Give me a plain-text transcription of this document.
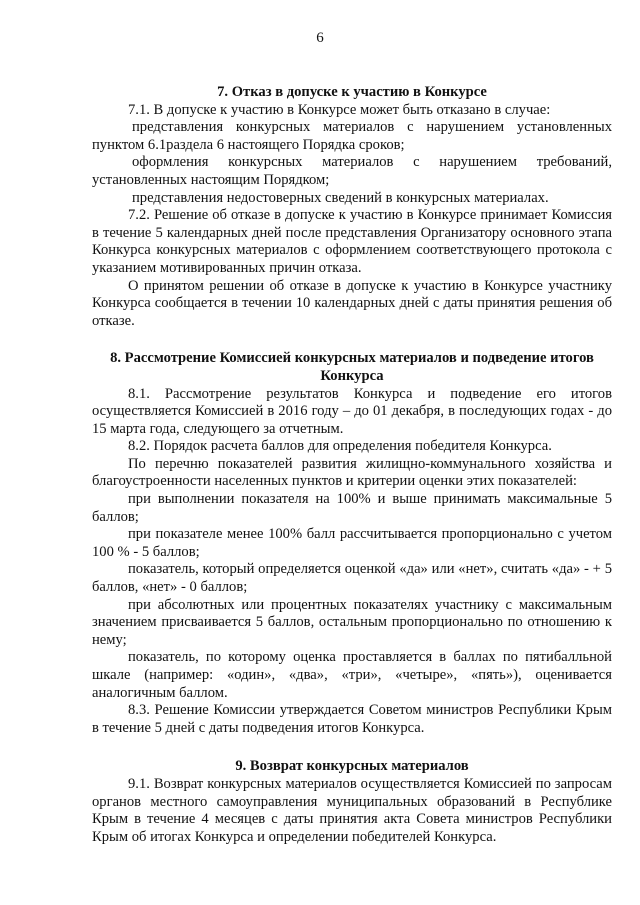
6
7. Отказ в допуске к участию в Конкурсе

7.1. В допуске к участию в Конкурсе может быть отказано в случае:

представления конкурсных материалов с нарушением установленных пунктом 6.1раздела 6 настоящего Порядка сроков;

оформления конкурсных материалов с нарушением требований, установленных настоящим Порядком;

представления недостоверных сведений в конкурсных материалах.

7.2. Решение об отказе в допуске к участию в Конкурсе принимает Комиссия в течение 5 календарных дней после представления Организатору основного этапа Конкурса конкурсных материалов с оформлением соответствующего протокола с указанием мотивированных причин отказа.

О принятом решении об отказе в допуске к участию в Конкурсе участнику Конкурса сообщается в течении 10 календарных дней с даты принятия решения об отказе.

8. Рассмотрение Комиссией конкурсных материалов и подведение итогов Конкурса

8.1. Рассмотрение результатов Конкурса и подведение его итогов осуществляется Комиссией в 2016 году – до 01 декабря, в последующих годах - до 15 марта года, следующего за отчетным.

8.2. Порядок расчета баллов для определения победителя Конкурса.

По перечню показателей развития жилищно-коммунального хозяйства и благоустроенности населенных пунктов и критерии оценки этих показателей:

при выполнении показателя на 100% и выше принимать максимальные 5 баллов;

при показателе менее 100% балл рассчитывается пропорционально с учетом 100 % - 5 баллов;

показатель, который определяется оценкой «да» или «нет», считать «да» - + 5 баллов, «нет» - 0 баллов;

при абсолютных или процентных показателях участнику с максимальным значением присваивается 5 баллов, остальным пропорционально по отношению к нему;

показатель, по которому оценка проставляется в баллах по пятибалльной шкале (например: «один», «два», «три», «четыре», «пять»), оценивается аналогичным баллом.

8.3. Решение Комиссии утверждается Советом министров Республики Крым в течение 5 дней с даты подведения итогов Конкурса.

9. Возврат конкурсных материалов

9.1. Возврат конкурсных материалов осуществляется Комиссией по запросам органов местного самоуправления муниципальных образований в Республике Крым в течение 4 месяцев с даты принятия акта Совета министров Республики Крым об итогах Конкурса и определении победителей Конкурса.
